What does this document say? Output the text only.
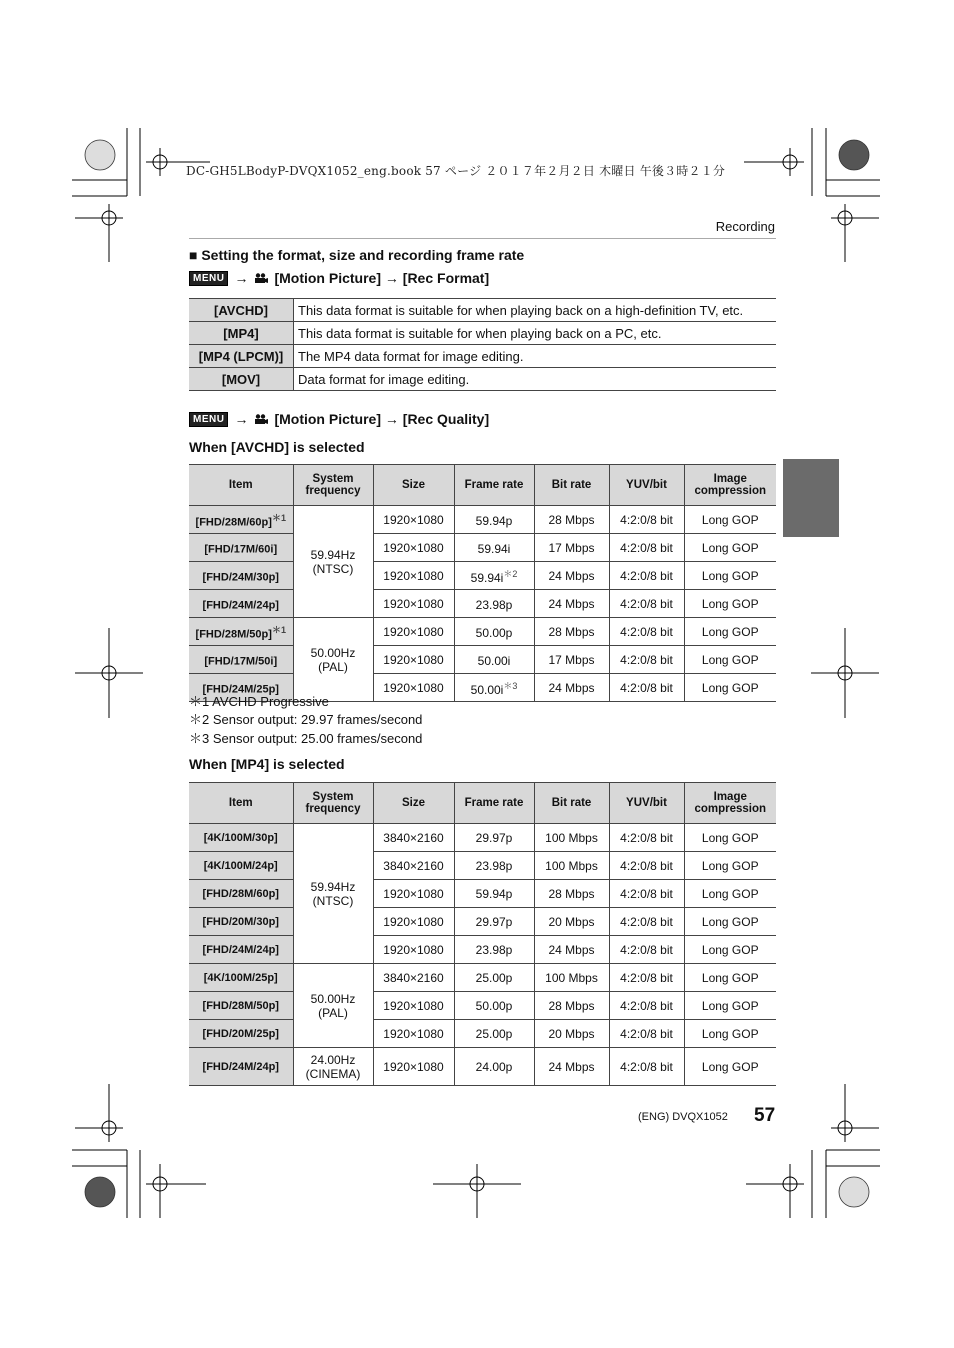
DC-GH5LBodyP-DVQX1052_eng.book 57 ページ ２０１７年２月２日 木曜日 午後３時２１分
Recording
■ Setting the format, size and recording frame rate
MENU → [Motion Picture] → [Rec Format]
[AVCHD]	This data format is suitable for when playing back on a high-definition TV, etc.
[MP4]	This data format is suitable for when playing back on a PC, etc.
[MP4 (LPCM)]	The MP4 data format for image editing.
[MOV]	Data format for image editing.
MENU → [Motion Picture] → [Rec Quality]
When [AVCHD] is selected
Item	System frequency	Size	Frame rate	Bit rate	YUV/bit	Image compression
$[FHD/28M/60p]^{*1}$	59.94Hz (NTSC)	1920×1080	59.94p	28 Mbps	4:2:0/8 bit	Long GOP
[FHD/17M/60i]		1920×1080	59.94i	17 Mbps	4:2:0/8 bit	Long GOP
[FHD/24M/30p]		1920×1080	$59.94i^{*2}$	24 Mbps	4:2:0/8 bit	Long GOP
[FHD/24M/24p]		1920×1080	23.98p	24 Mbps	4:2:0/8 bit	Long GOP
$[FHD/28M/50p]^{*1}$	50.00Hz (PAL)	1920×1080	50.00p	28 Mbps	4:2:0/8 bit	Long GOP
[FHD/17M/50i]		1920×1080	50.00i	17 Mbps	4:2:0/8 bit	Long GOP
[FHD/24M/25p]		1920×1080	$50.00i^{*3}$	24 Mbps	4:2:0/8 bit	Long GOP
＊1 AVCHD Progressive
＊2 Sensor output: 29.97 frames/second
＊3 Sensor output: 25.00 frames/second
When [MP4] is selected
Item	System frequency	Size	Frame rate	Bit rate	YUV/bit	Image compression
[4K/100M/30p]	59.94Hz (NTSC)	3840×2160	29.97p	100 Mbps	4:2:0/8 bit	Long GOP
[4K/100M/24p]		3840×2160	23.98p	100 Mbps	4:2:0/8 bit	Long GOP
[FHD/28M/60p]		1920×1080	59.94p	28 Mbps	4:2:0/8 bit	Long GOP
[FHD/20M/30p]		1920×1080	29.97p	20 Mbps	4:2:0/8 bit	Long GOP
[FHD/24M/24p]		1920×1080	23.98p	24 Mbps	4:2:0/8 bit	Long GOP
[4K/100M/25p]	50.00Hz (PAL)	3840×2160	25.00p	100 Mbps	4:2:0/8 bit	Long GOP
[FHD/28M/50p]		1920×1080	50.00p	28 Mbps	4:2:0/8 bit	Long GOP
[FHD/20M/25p]		1920×1080	25.00p	20 Mbps	4:2:0/8 bit	Long GOP
[FHD/24M/24p]	24.00Hz (CINEMA)	1920×1080	24.00p	24 Mbps	4:2:0/8 bit	Long GOP
(ENG) DVQX1052 57
